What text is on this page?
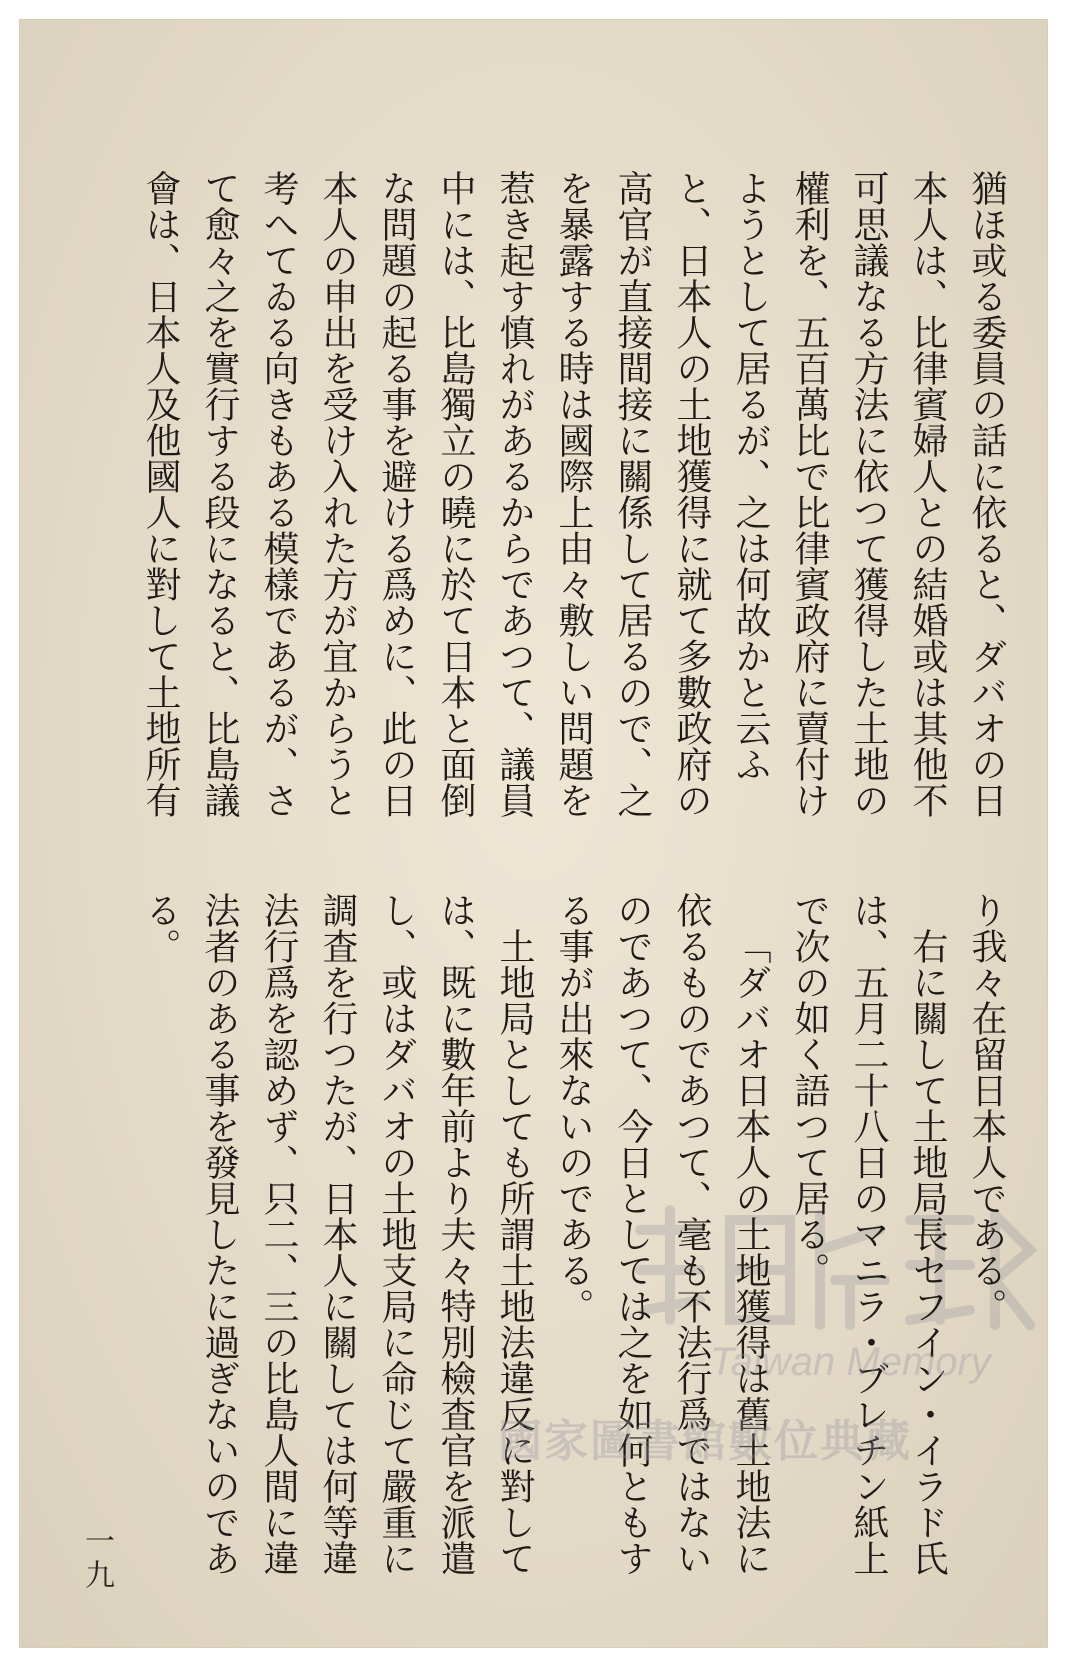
猶ほ或る委員の話に依ると、ダバオの日本人は、比律賓婦人との結婚或は其他不可思議なる方法に依つて獲得した土地の權利を、五百萬比で比律賓政府に賣付けようとして居るが、之は何故かと云ふと、日本人の土地獲得に就て多數政府の高官が直接間接に關係して居るので、之を暴露する時は國際上由々敷しい問題を惹き起す慎れがあるからであつて、議員中には、比島獨立の曉に於て日本と面倒な問題の起る事を避ける爲めに、此の日本人の申出を受け入れた方が宜からうと考へてゐる向きもある模樣であるが、さて愈々之を實行する段になると、比島議會は、日本人及他國人に對して土地所有

り我々在留日本人である。

右に關して土地局長セフイン・イラド氏は、五月二十八日のマニラ・ブレチン紙上で次の如く語つて居る。

「ダバオ日本人の土地獲得は舊土地法に依るものであつて、毫も不法行爲ではないのであつて、今日としては之を如何ともする事が出來ないのである。

土地局としても所謂土地法違反に對しては、既に數年前より夫々特別檢査官を派遣し、或はダバオの土地支局に命じて嚴重に調査を行つたが、日本人に關しては何等違法行爲を認めず、只二、三の比島人間に違法者のある事を發見したに過ぎないのである。

一九
Taiwan Memory
國家圖書館數位典藏
